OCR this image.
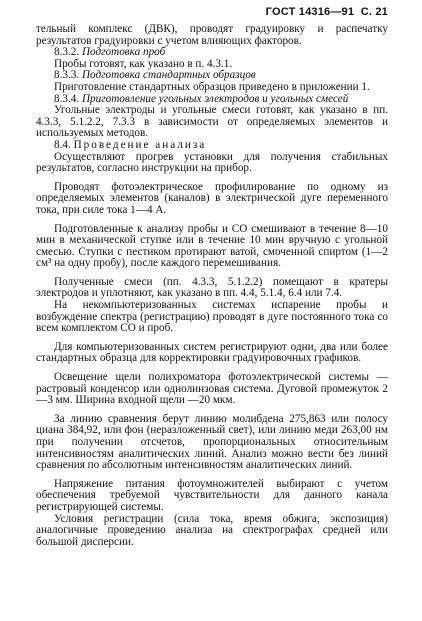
ГОСТ 14316—91 С. 21

тельный комплекс (ДВК), проводят градуировку и распечатку результатов градуировки с учетом влияющих факторов.

8.3.2. Подготовка проб

Пробы готовят, как указано в п. 4.3.1.

8.3.3. Подготовка стандартных образцов

Приготовление стандартных образцов приведено в приложении 1.

8.3.4. Приготовление угольных электродов и угольных смесей

Угольные электроды и угольные смеси готовят, как указано в пп. 4.3.3, 5.1.2.2, 7.3.3 в зависимости от определяемых элементов и используемых методов.

8.4. Проведение анализа

Осуществляют прогрев установки для получения стабильных результатов, согласно инструкции на прибор.

Проводят фотоэлектрическое профилирование по одному из определяемых элементов (каналов) в электрической дуге переменного тока, при силе тока 1—4 А.

Подготовленные к анализу пробы и СО смешивают в течение 8—10 мин в механической ступке или в течение 10 мин вручную с угольной смесью. Ступки с пестиком протирают ватой, смоченной спиртом (1—2 см³ на одну пробу), после каждого перемешивания.

Полученные смеси (пп. 4.3.3, 5.1.2.2) помещают в кратеры электродов и уплотняют, как указано в пп. 4.4, 5.1.4, 6.4 или 7.4.

На некомпьютеризованных системах испарение пробы и возбуждение спектра (регистрацию) проводят в дуге постоянного тока со всем комплектом СО и проб.

Для компьютеризованных систем регистрируют одни, два или более стандартных образца для корректировки градуировочных графиков.

Освещение щели полихроматора фотоэлектрической системы — растровый конденсор или однолинзовая система. Дуговой промежуток 2—3 мм. Ширина входной щели —20 мкм.

За линию сравнения берут линию молибдена 275,863 или полосу циана 384,92, или фон (неразложенный свет), или линию меди 263,00 нм при получении отсчетов, пропорциональных относительным интенсивностям аналитических линий. Анализ можно вести без линий сравнения по абсолютным интенсивностям аналитических линий.

Напряжение питания фотоумножителей выбирают с учетом обеспечения требуемой чувствительности для данного канала регистрирующей системы.

Условия регистрации (сила тока, время обжига, экспозиция) аналогичные проведению анализа на спектрографах средней или большой дисперсии.
